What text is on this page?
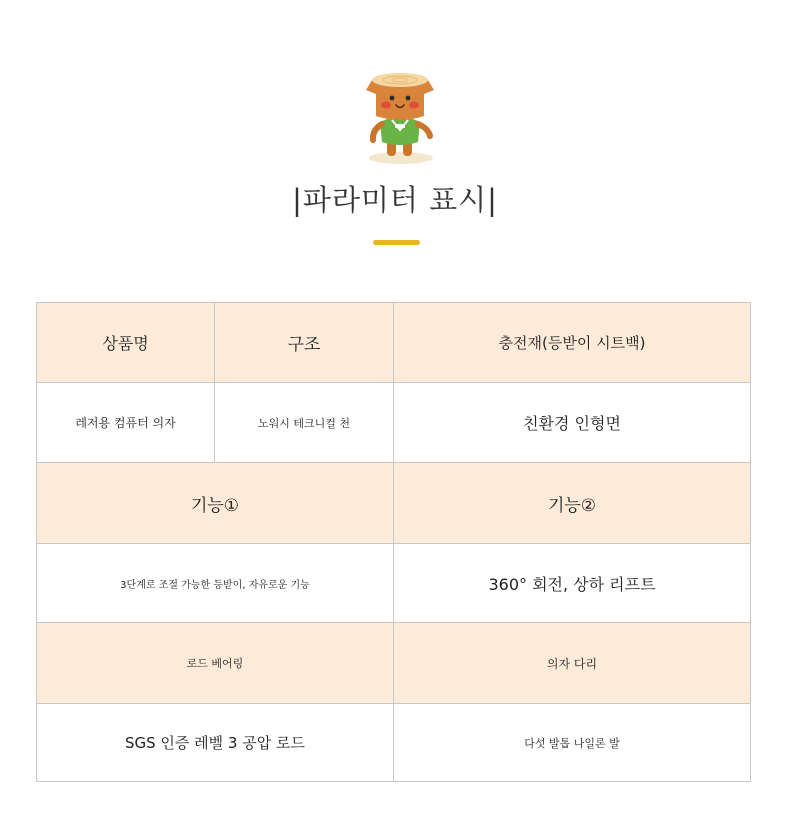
|파라미터 표시|
상품명	구조	충전재(등받이 시트백)
레저용 컴퓨터 의자	노워시 테크니컬 천	친환경 인형면
기능①		기능②
3단계로 조절 가능한 등받이, 자유로운 기능		360° 회전, 상하 리프트
로드 베어링		의자 다리
SGS 인증 레벨 3 공압 로드		다섯 발톱 나일론 발
